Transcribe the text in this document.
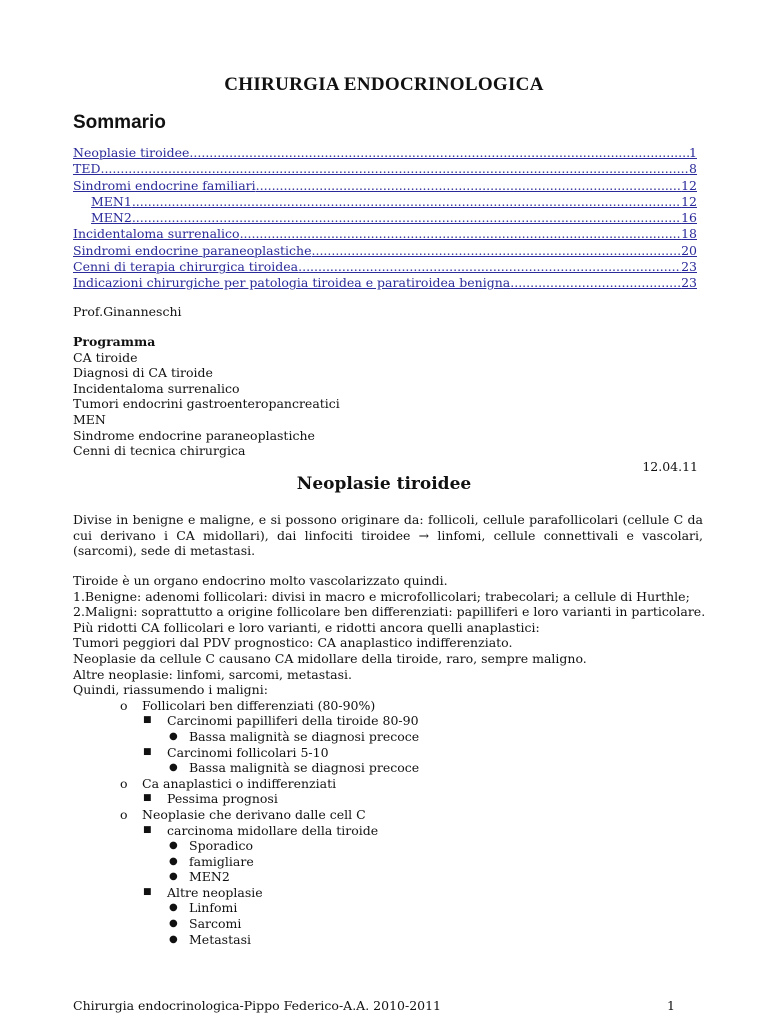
CHIRURGIA ENDOCRINOLOGICA
Sommario
Neoplasie tiroidee .....	1
TED .....	8
Sindromi endocrine familiari .....	12
MEN1 .....	12
MEN2 .....	16
Incidentaloma surrenalico .....	18
Sindromi endocrine paraneoplastiche .....	20
Cenni di terapia chirurgica tiroidea .....	23
Indicazioni chirurgiche per patologia tiroidea e paratiroidea benigna .....	23
Prof.Ginanneschi
Programma
CA tiroide
Diagnosi di CA tiroide
Incidentaloma surrenalico
Tumori endocrini gastroenteropancreatici
MEN
Sindrome endocrine paraneoplastiche
Cenni di tecnica chirurgica
12.04.11
Neoplasie tiroidee
Divise in benigne e maligne, e si possono originare da: follicoli, cellule parafollicolari (cellule C da cui derivano i CA midollari), dai linfociti tiroidee → linfomi, cellule connettivali e vascolari, (sarcomi), sede di metastasi.
Tiroide è un organo endocrino molto vascolarizzato quindi.
1.Benigne: adenomi follicolari: divisi in macro e microfollicolari; trabecolari; a cellule di Hurthle;
2.Maligni: soprattutto a origine follicolare ben differenziati: papilliferi e loro varianti in particolare.
Più ridotti CA follicolari e loro varianti, e ridotti ancora quelli anaplastici:
Tumori peggiori dal PDV prognostico: CA anaplastico indifferenziato.
Neoplasie da cellule C causano CA midollare della tiroide, raro, sempre maligno.
Altre neoplasie: linfomi, sarcomi, metastasi.
Quindi, riassumendo i maligni:
o Follicolari ben differenziati (80-90%)
■ Carcinomi papilliferi della tiroide 80-90
● Bassa malignità se diagnosi precoce
■ Carcinomi follicolari 5-10
● Bassa malignità se diagnosi precoce
o Ca anaplastici o indifferenziati
■ Pessima prognosi
o Neoplasie che derivano dalle cell C
■ carcinoma midollare della tiroide
● Sporadico
● famigliare
● MEN2
■ Altre neoplasie
● Linfomi
● Sarcomi
● Metastasi
Chirurgia endocrinologica-Pippo Federico-A.A. 2010-2011	1
